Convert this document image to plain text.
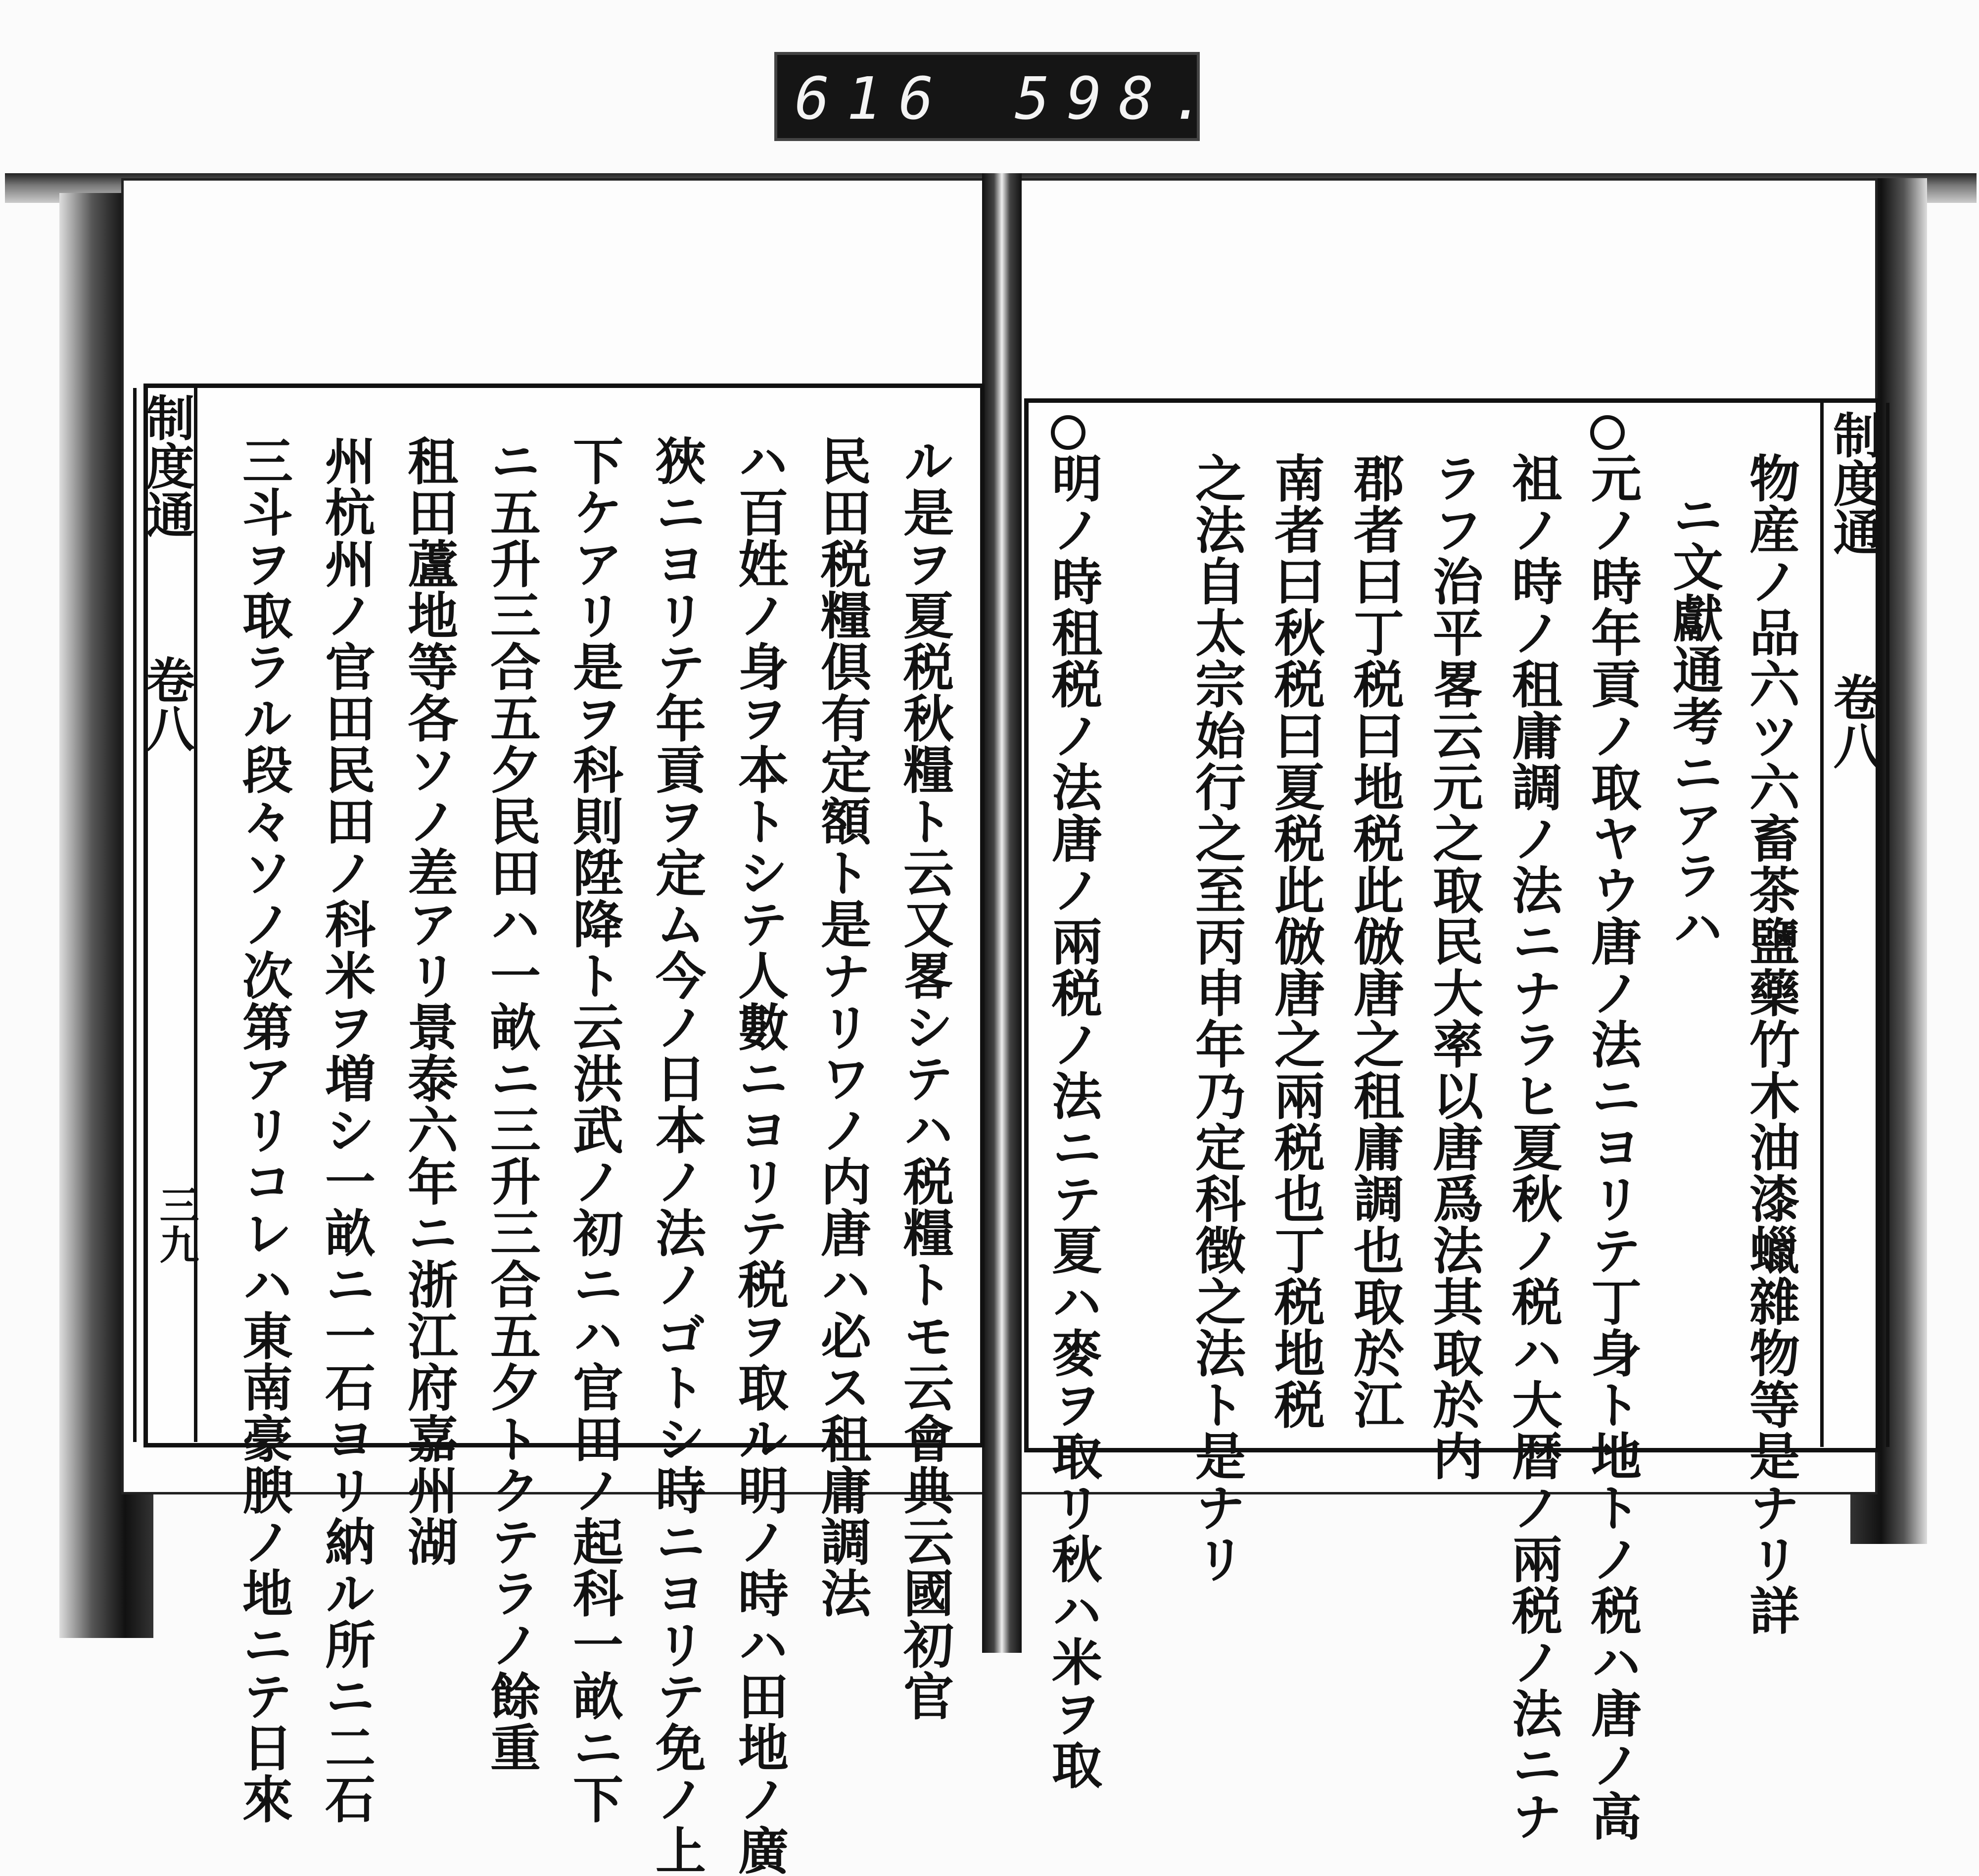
616 598.
制度通
卷八
三九	ル是ヲ夏税秋糧ト云又畧シテハ税糧トモ云會典云國初官
民田税糧倶有定額ト是ナリワノ内唐ハ必ス租庸調法
ハ百姓ノ身ヲ本トシテ人數ニヨリテ税ヲ取ル明ノ時ハ田地ノ廣
狹ニヨリテ年貢ヲ定ム今ノ日本ノ法ノゴトシ時ニヨリテ免ノ上
下ケアリ是ヲ科則陞降ト云洪武ノ初ニハ官田ノ起科一畝ニ下
ニ五升三合五夕民田ハ一畝ニ三升三合五夕トクテラノ餘重
租田蘆地等各ソノ差アリ景泰六年ニ浙江府嘉州湖
州杭州ノ官田民田ノ科米ヲ増シ一畝ニ一石ヨリ納ル所ニ二石
三斗ヲ取ラル段々ソノ次第アリコレハ東南豪腴ノ地ニテ日來	制度通
卷八
物産ノ品六ツ六畜茶鹽藥竹木油漆蠟雜物等是ナリ詳
ニ文獻通考ニアラハ
元ノ時年貢ノ取ヤウ唐ノ法ニヨリテ丁身ト地トノ税ハ唐ノ高
祖ノ時ノ租庸調ノ法ニナラヒ夏秋ノ税ハ大暦ノ兩税ノ法ニナ
ラフ治平畧云元之取民大率以唐爲法其取於内
郡者曰丁税曰地税此倣唐之租庸調也取於江
南者曰秋税曰夏税此倣唐之兩税也丁税地税
之法自太宗始行之至丙申年乃定科徴之法ト是ナリ
明ノ時租税ノ法唐ノ兩税ノ法ニテ夏ハ麥ヲ取リ秋ハ米ヲ取
